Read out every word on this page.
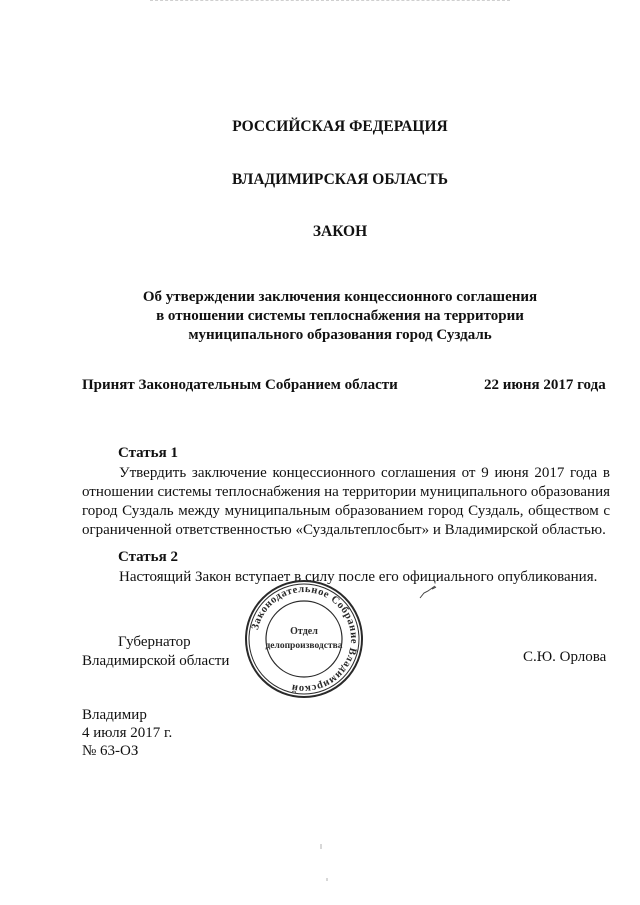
РОССИЙСКАЯ ФЕДЕРАЦИЯ
ВЛАДИМИРСКАЯ ОБЛАСТЬ
ЗАКОН
Об утверждении заключения концессионного соглашения
в отношении системы теплоснабжения на территории
муниципального образования город Суздаль
Принят Законодательным Собранием области	22 июня 2017 года
Статья 1
Утвердить заключение концессионного соглашения от 9 июня 2017 года в отношении системы теплоснабжения на территории муниципального образования город Суздаль между муниципальным образованием город Суздаль, обществом с ограниченной ответственностью «Суздальтеплосбыт» и Владимирской областью.
Статья 2
Настоящий Закон вступает в силу после его официального опубликования.
Губернатор
Владимирской области	С.Ю. Орлова
Законодательное Собрание Владимирской
Отдел
делопроизводства
Владимир
4 июля 2017 г.
№ 63-ОЗ
